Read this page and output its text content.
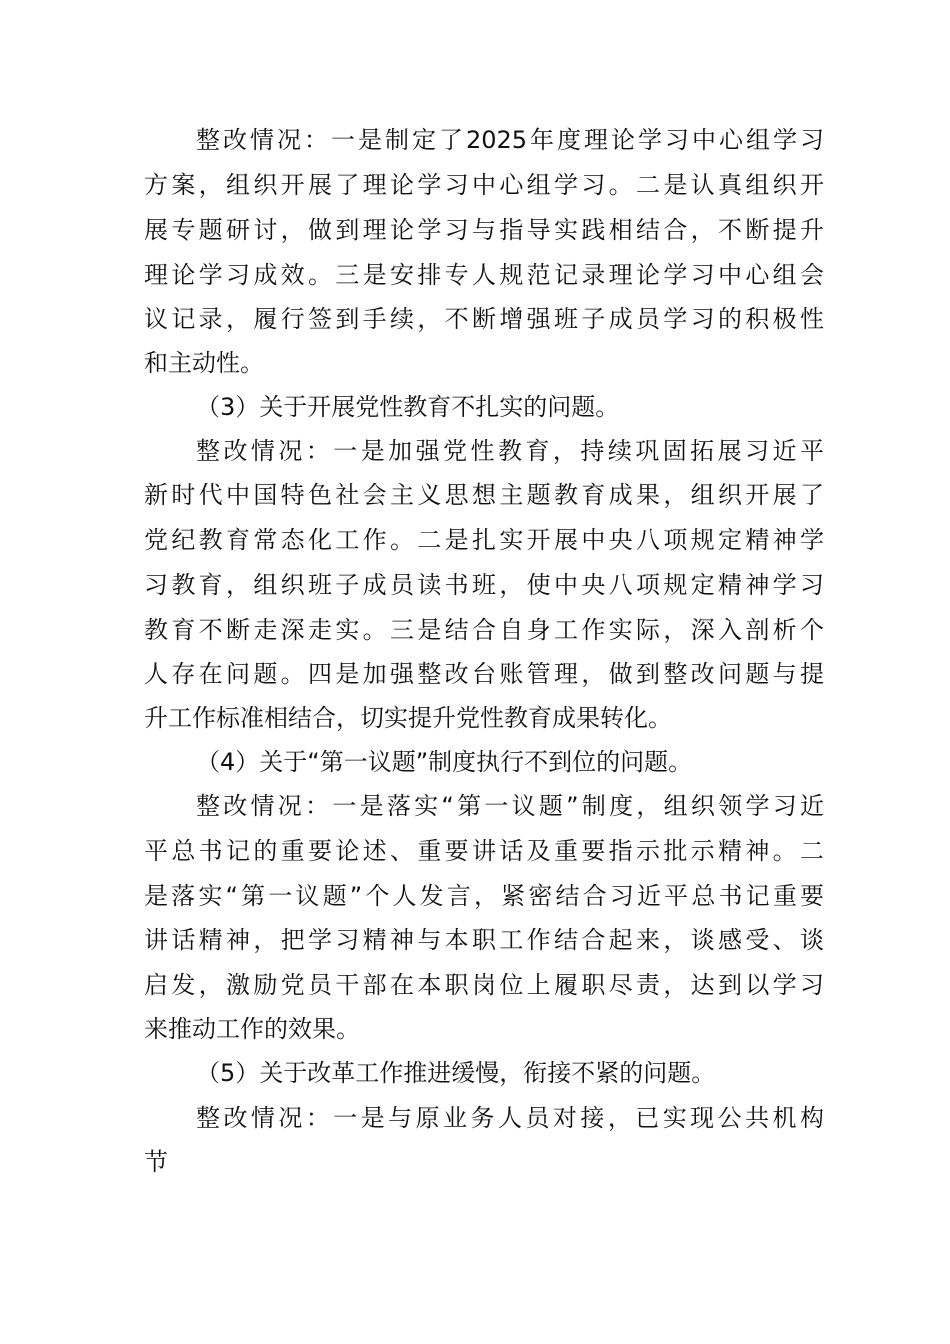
整改情况：一是制定了2025年度理论学习中心组学习
方案，组织开展了理论学习中心组学习。二是认真组织开
展专题研讨，做到理论学习与指导实践相结合，不断提升
理论学习成效。三是安排专人规范记录理论学习中心组会
议记录，履行签到手续，不断增强班子成员学习的积极性
和主动性。
（3）关于开展党性教育不扎实的问题。
整改情况：一是加强党性教育，持续巩固拓展习近平
新时代中国特色社会主义思想主题教育成果，组织开展了
党纪教育常态化工作。二是扎实开展中央八项规定精神学
习教育，组织班子成员读书班，使中央八项规定精神学习
教育不断走深走实。三是结合自身工作实际，深入剖析个
人存在问题。四是加强整改台账管理，做到整改问题与提
升工作标准相结合，切实提升党性教育成果转化。
（4）关于“第一议题”制度执行不到位的问题。
整改情况：一是落实“第一议题”制度，组织领学习近
平总书记的重要论述、重要讲话及重要指示批示精神。二
是落实“第一议题”个人发言，紧密结合习近平总书记重要
讲话精神，把学习精神与本职工作结合起来，谈感受、谈
启发，激励党员干部在本职岗位上履职尽责，达到以学习
来推动工作的效果。
（5）关于改革工作推进缓慢，衔接不紧的问题。
整改情况：一是与原业务人员对接，已实现公共机构
节
